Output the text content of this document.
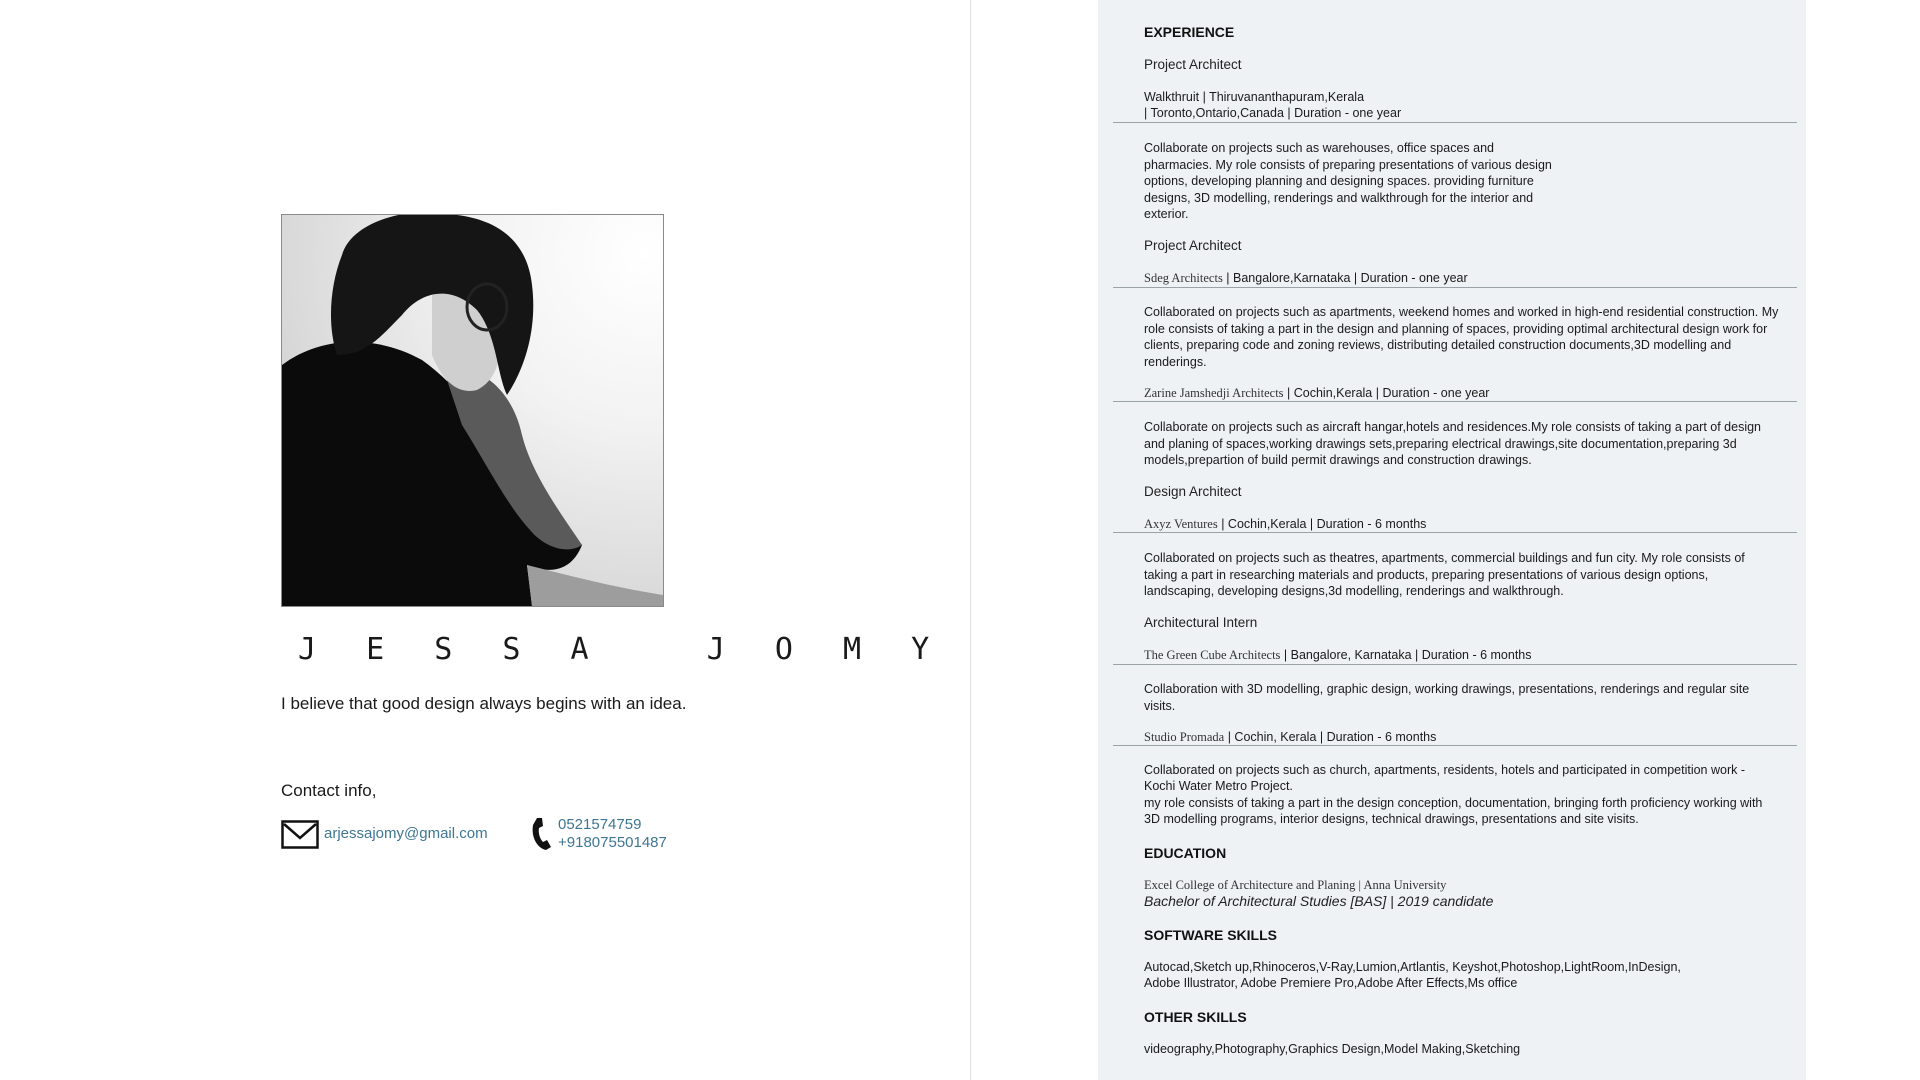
J E S S A   J O M Y
I believe that good design always begins with an idea.
Contact info,
arjessajomy@gmail.com
0521574759
+918075501487
EXPERIENCE
Project Architect
Walkthruit | Thiruvananthapuram,Kerala
| Toronto,Ontario,Canada | Duration - one year
Collaborate on projects such as warehouses, office spaces and pharmacies. My role consists of preparing presentations of various design options, developing planning and designing spaces. providing furniture designs, 3D modelling, renderings and walkthrough for the interior and exterior.
Project Architect
Sdeg Architects | Bangalore,Karnataka | Duration - one year
Collaborated on projects such as apartments, weekend homes and worked in high-end residential construction. My role consists of taking a part in the design and planning of spaces, providing optimal architectural design work for clients, preparing code and zoning reviews, distributing detailed construction documents,3D modelling and renderings.
Zarine Jamshedji Architects | Cochin,Kerala | Duration - one year
Collaborate on projects such as aircraft hangar,hotels and residences.My role consists of taking a part of design and planing of spaces,working drawings sets,preparing electrical drawings,site documentation,preparing 3d models,prepartion of build permit drawings and construction drawings.
Design Architect
Axyz Ventures | Cochin,Kerala | Duration - 6 months
Collaborated on projects such as theatres, apartments, commercial buildings and fun city. My role consists of taking a part in researching materials and products, preparing presentations of various design options, landscaping, developing designs,3d modelling, renderings and walkthrough.
Architectural Intern
The Green Cube Architects | Bangalore, Karnataka | Duration - 6 months
Collaboration with 3D modelling, graphic design, working drawings, presentations, renderings and regular site visits.
Studio Promada | Cochin, Kerala | Duration - 6 months
Collaborated on projects such as church, apartments, residents, hotels and participated in competition work -
Kochi Water Metro Project.
my role consists of taking a part in the design conception, documentation, bringing forth proficiency working with
3D modelling programs, interior designs, technical drawings, presentations and site visits.
EDUCATION
Excel College of Architecture and Planing | Anna University
Bachelor of Architectural Studies [BAS] | 2019 candidate
SOFTWARE SKILLS
Autocad,Sketch up,Rhinoceros,V-Ray,Lumion,Artlantis, Keyshot,Photoshop,LightRoom,InDesign,
Adobe Illustrator, Adobe Premiere Pro,Adobe After Effects,Ms office
OTHER SKILLS
videography,Photography,Graphics Design,Model Making,Sketching
